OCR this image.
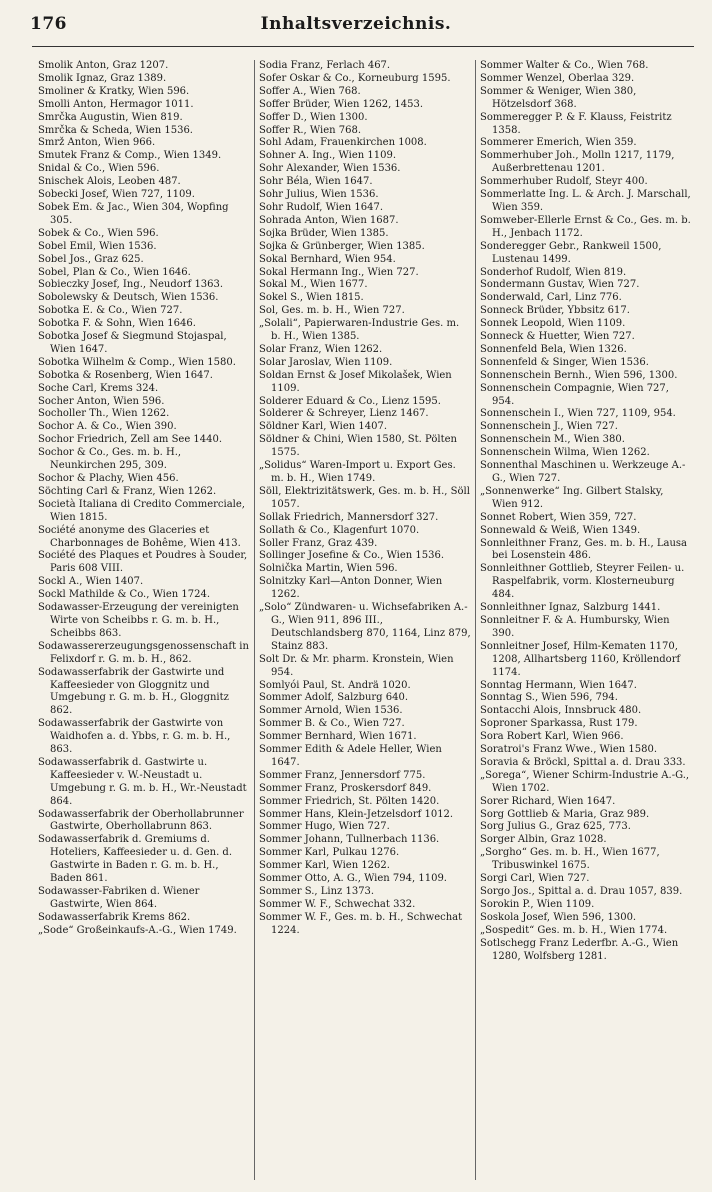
176	Inhaltsverzeichnis.
Smolik Anton, Graz 1207.
Smolik Ignaz, Graz 1389.
Smoliner & Kratky, Wien 596.
Smolli Anton, Hermagor 1011.
Smrčka Augustin, Wien 819.
Smrčka & Scheda, Wien 1536.
Smrž Anton, Wien 966.
Smutek Franz & Comp., Wien 1349.
Snidal & Co., Wien 596.
Snischek Alois, Leoben 487.
Sobecki Josef, Wien 727, 1109.
Sobek Em. & Jac., Wien 304, Wopfing 305.
Sobek & Co., Wien 596.
Sobel Emil, Wien 1536.
Sobel Jos., Graz 625.
Sobel, Plan & Co., Wien 1646.
Sobieczky Josef, Ing., Neudorf 1363.
Sobolewsky & Deutsch, Wien 1536.
Sobotka E. & Co., Wien 727.
Sobotka F. & Sohn, Wien 1646.
Sobotka Josef & Siegmund Stojaspal, Wien 1647.
Sobotka Wilhelm & Comp., Wien 1580.
Sobotka & Rosenberg, Wien 1647.
Soche Carl, Krems 324.
Socher Anton, Wien 596.
Socholler Th., Wien 1262.
Sochor A. & Co., Wien 390.
Sochor Friedrich, Zell am See 1440.
Sochor & Co., Ges. m. b. H., Neunkirchen 295, 309.
Sochor & Plachy, Wien 456.
Söchting Carl & Franz, Wien 1262.
Società Italiana di Credito Commerciale, Wien 1815.
Société anonyme des Glaceries et Charbonnages de Bohême, Wien 413.
Société des Plaques et Poudres à Souder, Paris 608 VIII.
Sockl A., Wien 1407.
Sockl Mathilde & Co., Wien 1724.
Sodawasser-Erzeugung der vereinigten Wirte von Scheibbs r. G. m. b. H., Scheibbs 863.
Sodawassererzeugungsgenossenschaft in Felixdorf r. G. m. b. H., 862.
Sodawasserfabrik der Gastwirte und Kaffeesieder von Gloggnitz und Umgebung r. G. m. b. H., Gloggnitz 862.
Sodawasserfabrik der Gastwirte von Waidhofen a. d. Ybbs, r. G. m. b. H., 863.
Sodawasserfabrik d. Gastwirte u. Kaffeesieder v. W.-Neustadt u. Umgebung r. G. m. b. H., Wr.-Neustadt 864.
Sodawasserfabrik der Oberhollabrunner Gastwirte, Oberhollabrunn 863.
Sodawasserfabrik d. Gremiums d. Hoteliers, Kaffeesieder u. d. Gen. d. Gastwirte in Baden r. G. m. b. H., Baden 861.
Sodawasser-Fabriken d. Wiener Gastwirte, Wien 864.
Sodawasserfabrik Krems 862.
„Sode“ Großeinkaufs-A.-G., Wien 1749.
Sodia Franz, Ferlach 467.
Sofer Oskar & Co., Korneuburg 1595.
Soffer A., Wien 768.
Soffer Brüder, Wien 1262, 1453.
Soffer D., Wien 1300.
Soffer R., Wien 768.
Sohl Adam, Frauenkirchen 1008.
Sohner A. Ing., Wien 1109.
Sohr Alexander, Wien 1536.
Sohr Béla, Wien 1647.
Sohr Julius, Wien 1536.
Sohr Rudolf, Wien 1647.
Sohrada Anton, Wien 1687.
Sojka Brüder, Wien 1385.
Sojka & Grünberger, Wien 1385.
Sokal Bernhard, Wien 954.
Sokal Hermann Ing., Wien 727.
Sokal M., Wien 1677.
Sokel S., Wien 1815.
Sol, Ges. m. b. H., Wien 727.
„Solali“, Papierwaren-Industrie Ges. m. b. H., Wien 1385.
Solar Franz, Wien 1262.
Solar Jaroslav, Wien 1109.
Soldan Ernst & Josef Mikolašek, Wien 1109.
Solderer Eduard & Co., Lienz 1595.
Solderer & Schreyer, Lienz 1467.
Söldner Karl, Wien 1407.
Söldner & Chini, Wien 1580, St. Pölten 1575.
„Solidus“ Waren-Import u. Export Ges. m. b. H., Wien 1749.
Söll, Elektrizitätswerk, Ges. m. b. H., Söll 1057.
Sollak Friedrich, Mannersdorf 327.
Sollath & Co., Klagenfurt 1070.
Soller Franz, Graz 439.
Sollinger Josefine & Co., Wien 1536.
Solnička Martin, Wien 596.
Solnitzky Karl—Anton Donner, Wien 1262.
„Solo“ Zündwaren- u. Wichsefabriken A.-G., Wien 911, 896 III., Deutschlandsberg 870, 1164, Linz 879, Stainz 883.
Solt Dr. & Mr. pharm. Kronstein, Wien 954.
Somlyói Paul, St. Andrä 1020.
Sommer Adolf, Salzburg 640.
Sommer Arnold, Wien 1536.
Sommer B. & Co., Wien 727.
Sommer Bernhard, Wien 1671.
Sommer Edith & Adele Heller, Wien 1647.
Sommer Franz, Jennersdorf 775.
Sommer Franz, Proskersdorf 849.
Sommer Friedrich, St. Pölten 1420.
Sommer Hans, Klein-Jetzelsdorf 1012.
Sommer Hugo, Wien 727.
Sommer Johann, Tullnerbach 1136.
Sommer Karl, Pulkau 1276.
Sommer Karl, Wien 1262.
Sommer Otto, A. G., Wien 794, 1109.
Sommer S., Linz 1373.
Sommer W. F., Schwechat 332.
Sommer W. F., Ges. m. b. H., Schwechat 1224.
Sommer Walter & Co., Wien 768.
Sommer Wenzel, Oberlaa 329.
Sommer & Weniger, Wien 380, Hötzelsdorf 368.
Sommeregger P. & F. Klauss, Feistritz 1358.
Sommerer Emerich, Wien 359.
Sommerhuber Joh., Molln 1217, 1179, Außerbrettenau 1201.
Sommerhuber Rudolf, Steyr 400.
Sommerlatte Ing. L. & Arch. J. Marschall, Wien 359.
Somweber-Ellerle Ernst & Co., Ges. m. b. H., Jenbach 1172.
Sonderegger Gebr., Rankweil 1500, Lustenau 1499.
Sonderhof Rudolf, Wien 819.
Sondermann Gustav, Wien 727.
Sonderwald, Carl, Linz 776.
Sonneck Brüder, Ybbsitz 617.
Sonnek Leopold, Wien 1109.
Sonneck & Huetter, Wien 727.
Sonnenfeld Bela, Wien 1326.
Sonnenfeld & Singer, Wien 1536.
Sonnenschein Bernh., Wien 596, 1300.
Sonnenschein Compagnie, Wien 727, 954.
Sonnenschein I., Wien 727, 1109, 954.
Sonnenschein J., Wien 727.
Sonnenschein M., Wien 380.
Sonnenschein Wilma, Wien 1262.
Sonnenthal Maschinen u. Werkzeuge A.-G., Wien 727.
„Sonnenwerke“ Ing. Gilbert Stalsky, Wien 912.
Sonnet Robert, Wien 359, 727.
Sonnewald & Weiß, Wien 1349.
Sonnleithner Franz, Ges. m. b. H., Lausa bei Losenstein 486.
Sonnleithner Gottlieb, Steyrer Feilen- u. Raspelfabrik, vorm. Klosterneuburg 484.
Sonnleithner Ignaz, Salzburg 1441.
Sonnleitner F. & A. Humbursky, Wien 390.
Sonnleitner Josef, Hilm-Kematen 1170, 1208, Allhartsberg 1160, Kröllendorf 1174.
Sonntag Hermann, Wien 1647.
Sonntag S., Wien 596, 794.
Sontacchi Alois, Innsbruck 480.
Soproner Sparkassa, Rust 179.
Sora Robert Karl, Wien 966.
Soratroi's Franz Wwe., Wien 1580.
Soravia & Bröckl, Spittal a. d. Drau 333.
„Sorega“, Wiener Schirm-Industrie A.-G., Wien 1702.
Sorer Richard, Wien 1647.
Sorg Gottlieb & Maria, Graz 989.
Sorg Julius G., Graz 625, 773.
Sorger Albin, Graz 1028.
„Sorgho“ Ges. m. b. H., Wien 1677, Tribuswinkel 1675.
Sorgi Carl, Wien 727.
Sorgo Jos., Spittal a. d. Drau 1057, 839.
Sorokin P., Wien 1109.
Soskola Josef, Wien 596, 1300.
„Sospedit“ Ges. m. b. H., Wien 1774.
Sotlschegg Franz Lederfbr. A.-G., Wien 1280, Wolfsberg 1281.
